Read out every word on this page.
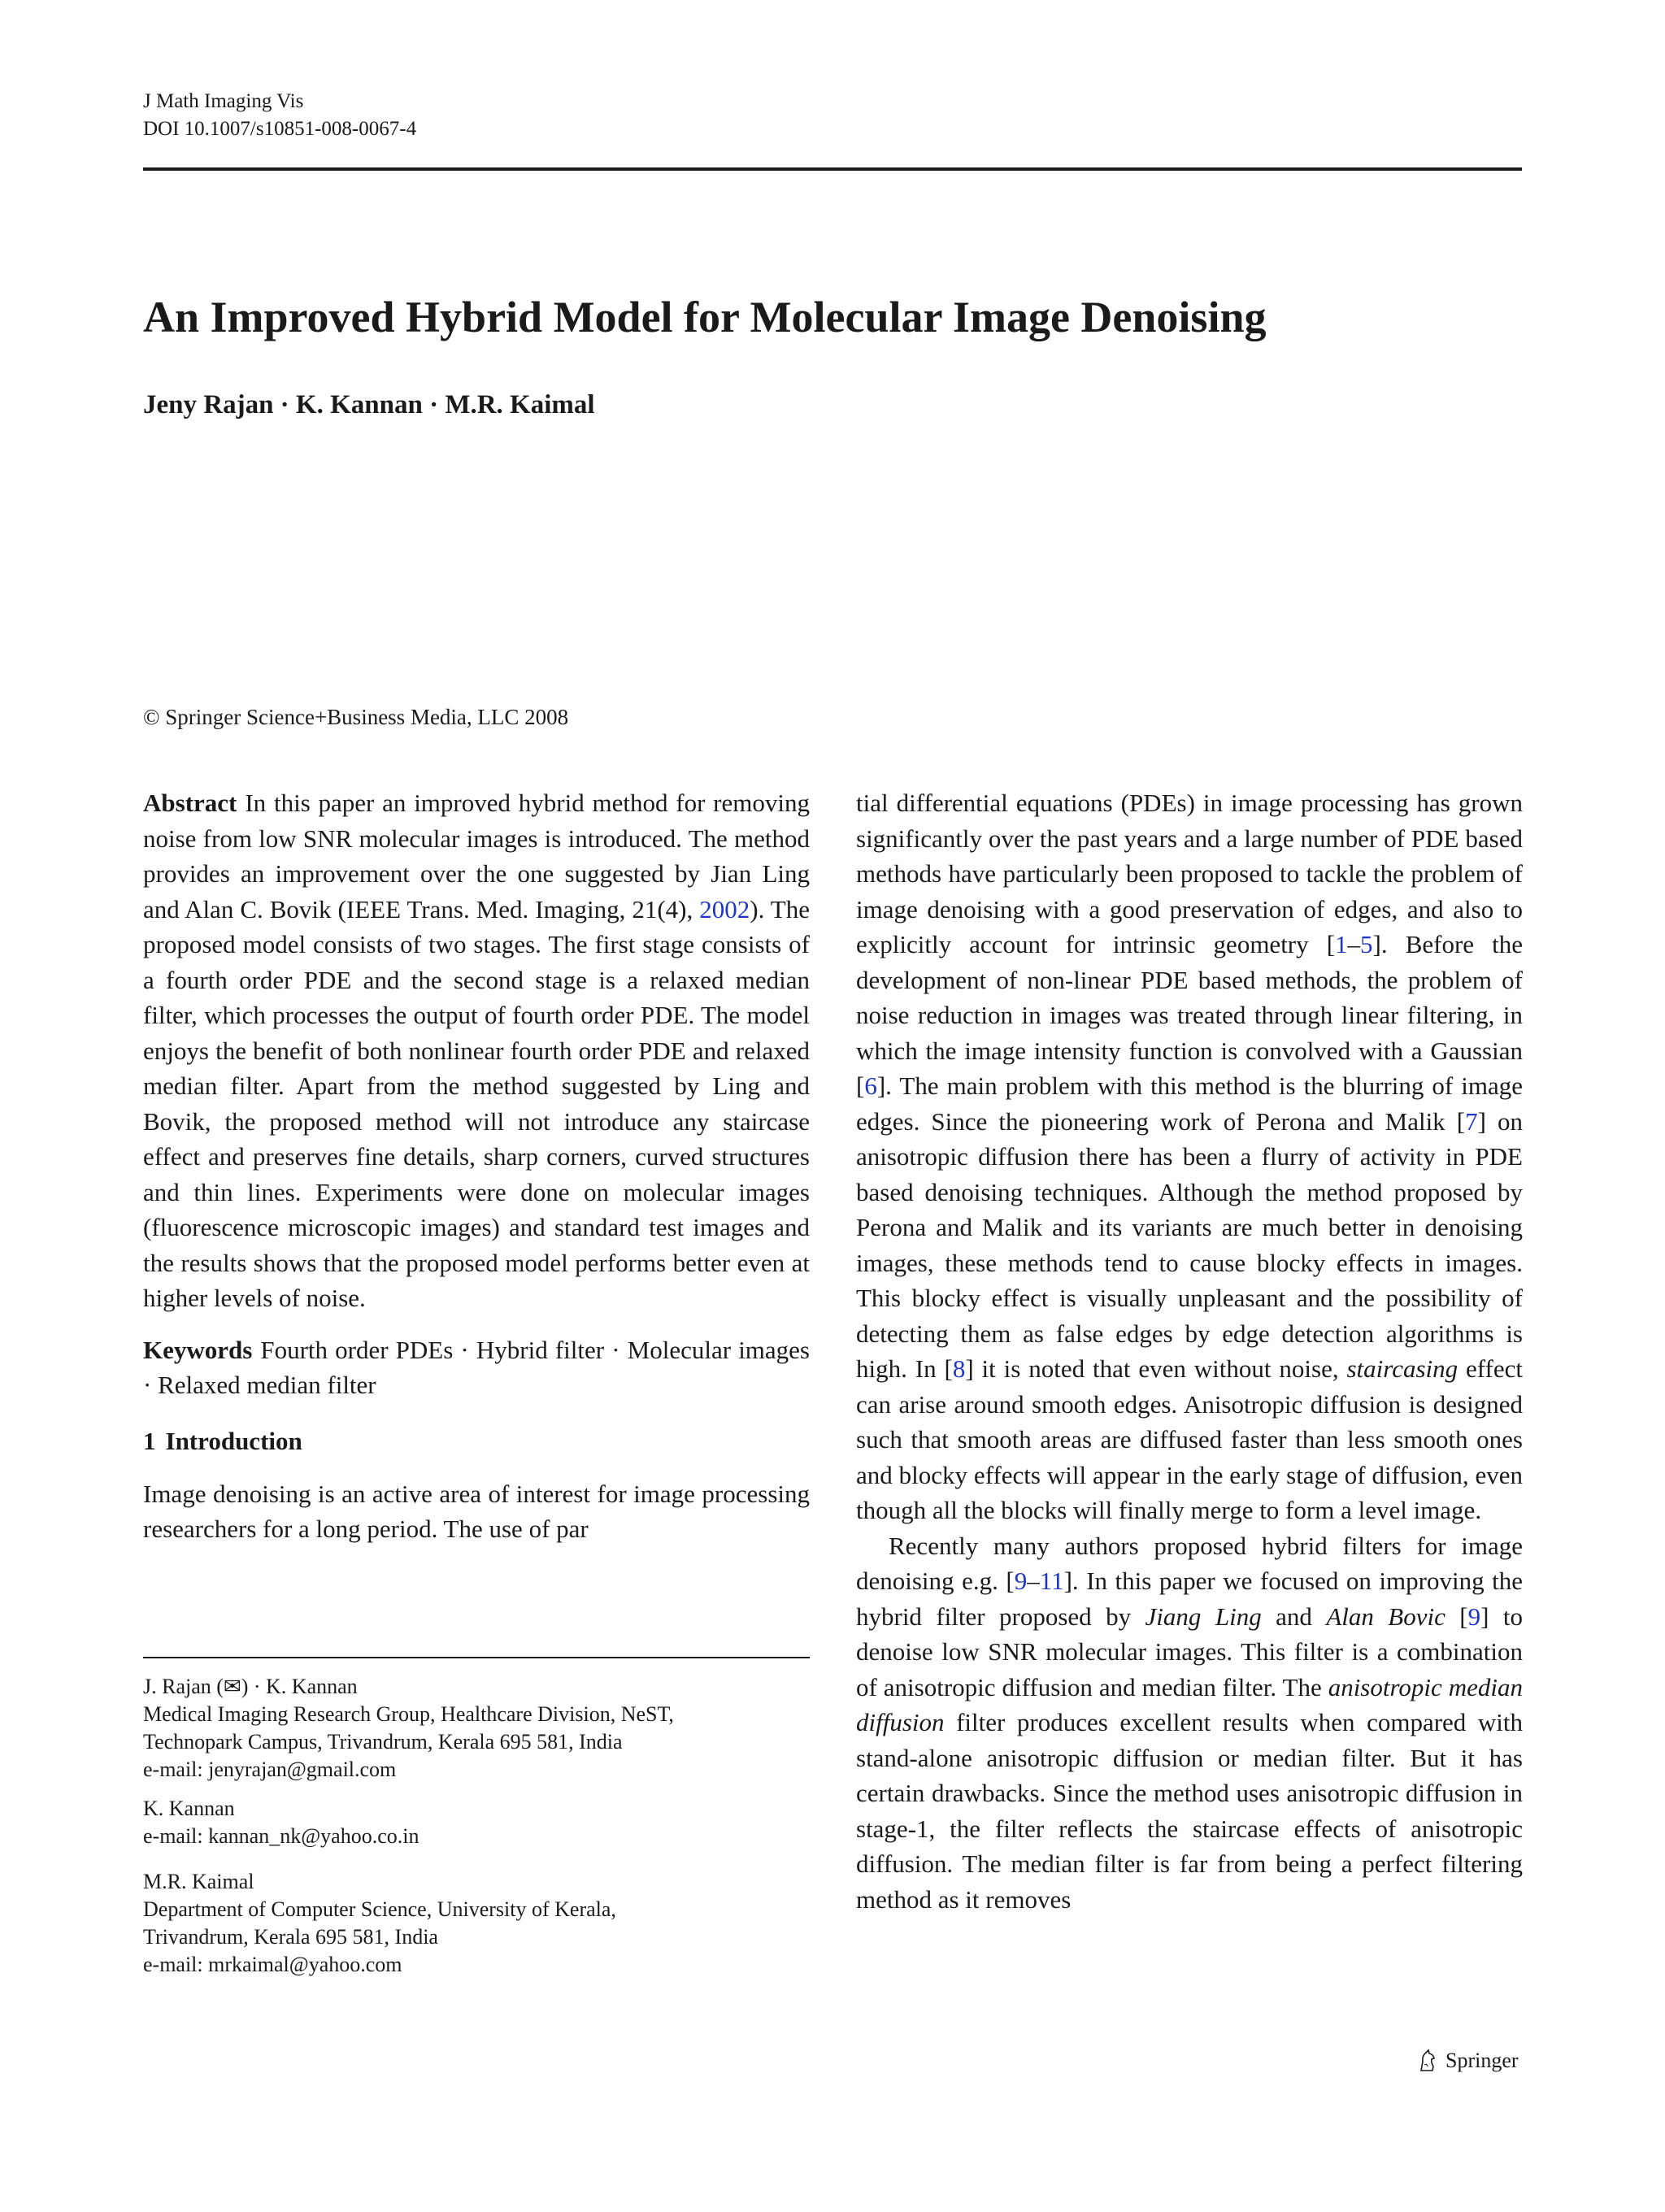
J Math Imaging Vis
DOI 10.1007/s10851-008-0067-4
An Improved Hybrid Model for Molecular Image Denoising
Jeny Rajan · K. Kannan · M.R. Kaimal
© Springer Science+Business Media, LLC 2008

Abstract In this paper an improved hybrid method for removing noise from low SNR molecular images is introduced. The method provides an improvement over the one suggested by Jian Ling and Alan C. Bovik (IEEE Trans. Med. Imaging, 21(4), 2002). The proposed model consists of two stages. The first stage consists of a fourth order PDE and the second stage is a relaxed median filter, which processes the output of fourth order PDE. The model enjoys the benefit of both nonlinear fourth order PDE and relaxed median filter. Apart from the method suggested by Ling and Bovik, the proposed method will not introduce any staircase effect and preserves fine details, sharp corners, curved structures and thin lines. Experiments were done on molecular images (fluorescence microscopic images) and standard test images and the results shows that the proposed model performs better even at higher levels of noise.

Keywords Fourth order PDEs · Hybrid filter · Molecular images · Relaxed median filter

1 Introduction

Image denoising is an active area of interest for image processing researchers for a long period. The use of par

J. Rajan (✉) · K. Kannan
Medical Imaging Research Group, Healthcare Division, NeST,
Technopark Campus, Trivandrum, Kerala 695 581, India
e-mail: jenyrajan@gmail.com
K. Kannan
e-mail: kannan_nk@yahoo.co.in
M.R. Kaimal
Department of Computer Science, University of Kerala,
Trivandrum, Kerala 695 581, India
e-mail: mrkaimal@yahoo.com

tial differential equations (PDEs) in image processing has grown significantly over the past years and a large number of PDE based methods have particularly been proposed to tackle the problem of image denoising with a good preservation of edges, and also to explicitly account for intrinsic geometry [1–5]. Before the development of non-linear PDE based methods, the problem of noise reduction in images was treated through linear filtering, in which the image intensity function is convolved with a Gaussian [6]. The main problem with this method is the blurring of image edges. Since the pioneering work of Perona and Malik [7] on anisotropic diffusion there has been a flurry of activity in PDE based denoising techniques. Although the method proposed by Perona and Malik and its variants are much better in denoising images, these methods tend to cause blocky effects in images. This blocky effect is visually unpleasant and the possibility of detecting them as false edges by edge detection algorithms is high. In [8] it is noted that even without noise, staircasing effect can arise around smooth edges. Anisotropic diffusion is designed such that smooth areas are diffused faster than less smooth ones and blocky effects will appear in the early stage of diffusion, even though all the blocks will finally merge to form a level image.

Recently many authors proposed hybrid filters for image denoising e.g. [9–11]. In this paper we focused on improving the hybrid filter proposed by Jiang Ling and Alan Bovic [9] to denoise low SNR molecular images. This filter is a combination of anisotropic diffusion and median filter. The anisotropic median diffusion filter produces excellent results when compared with stand-alone anisotropic diffusion or median filter. But it has certain drawbacks. Since the method uses anisotropic diffusion in stage-1, the filter reflects the staircase effects of anisotropic diffusion. The median filter is far from being a perfect filtering method as it removes

Springer
